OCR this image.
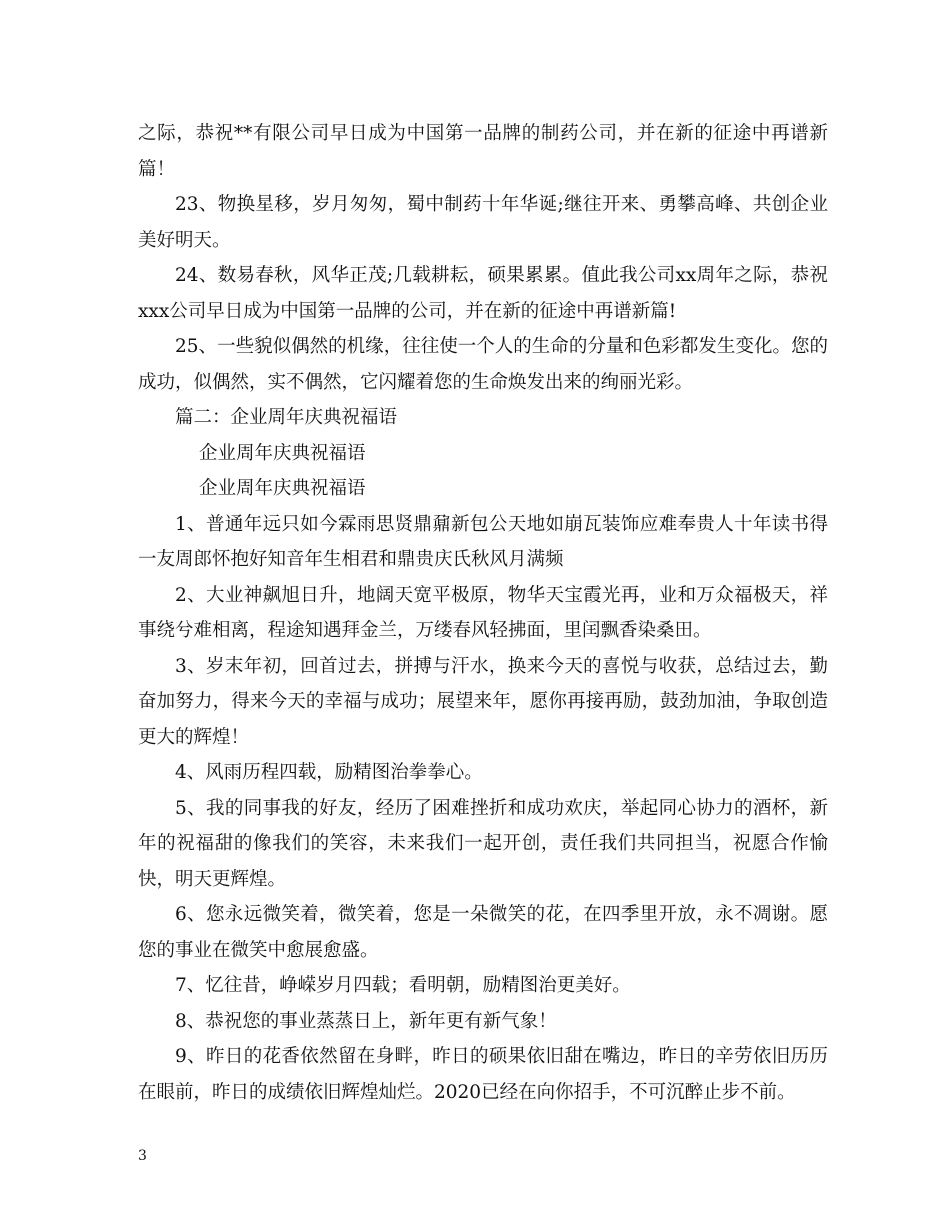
之际，恭祝**有限公司早日成为中国第一品牌的制药公司，并在新的征途中再谱新篇！

23、物换星移，岁月匆匆，蜀中制药十年华诞;继往开来、勇攀高峰、共创企业美好明天。

24、数易春秋，风华正茂;几载耕耘，硕果累累。值此我公司xx周年之际，恭祝xxx公司早日成为中国第一品牌的公司，并在新的征途中再谱新篇!

25、一些貌似偶然的机缘，往往使一个人的生命的分量和色彩都发生变化。您的成功，似偶然，实不偶然，它闪耀着您的生命焕发出来的绚丽光彩。

篇二：企业周年庆典祝福语

企业周年庆典祝福语

企业周年庆典祝福语

1、普通年远只如今霖雨思贤鼎鼐新包公天地如崩瓦装饰应难奉贵人十年读书得一友周郎怀抱好知音年生相君和鼎贵庆氏秋风月满频

2、大业神飙旭日升，地阔天宽平极原，物华天宝霞光再，业和万众福极天，祥事绕兮难相离，程途知遇拜金兰，万缕春风轻拂面，里闰飘香染桑田。

3、岁末年初，回首过去，拼搏与汗水，换来今天的喜悦与收获，总结过去，勤奋加努力，得来今天的幸福与成功；展望来年，愿你再接再励，鼓劲加油，争取创造更大的辉煌！

4、风雨历程四载，励精图治拳拳心。

5、我的同事我的好友，经历了困难挫折和成功欢庆，举起同心协力的酒杯，新年的祝福甜的像我们的笑容，未来我们一起开创，责任我们共同担当，祝愿合作愉快，明天更辉煌。

6、您永远微笑着，微笑着，您是一朵微笑的花，在四季里开放，永不凋谢。愿您的事业在微笑中愈展愈盛。

7、忆往昔，峥嵘岁月四载；看明朝，励精图治更美好。

8、恭祝您的事业蒸蒸日上，新年更有新气象！

9、昨日的花香依然留在身畔，昨日的硕果依旧甜在嘴边，昨日的辛劳依旧历历在眼前，昨日的成绩依旧辉煌灿烂。2020已经在向你招手，不可沉醉止步不前。

3
